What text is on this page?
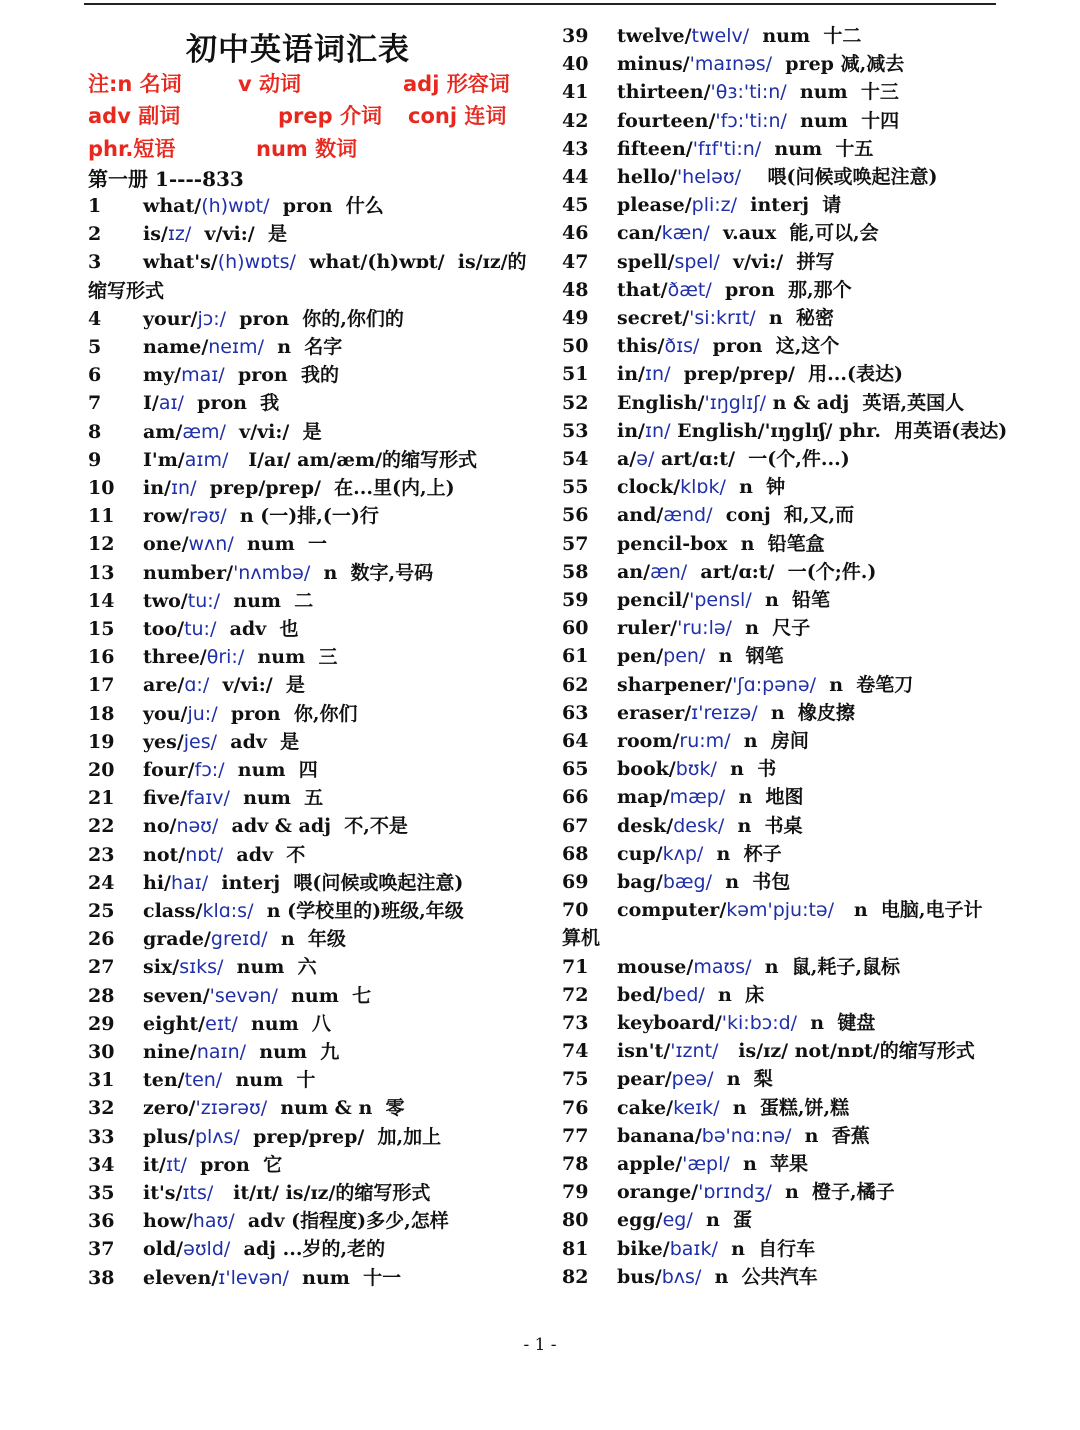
初中英语词汇表
注:n 名词	v 动词	adj 形容词
adv 副词	prep 介词 conj 连词
phr.短语	num 数词
第一册 1----833
1	what/(h)wɒt/  pron  什么
2	is/ɪz/  v/vi:/  是
3	what's/(h)wɒts/  what/(h)wɒt/  is/ɪz/的
4	your/jɔ:/  pron  你的,你们的
5	name/neɪm/  n  名字
6	my/maɪ/  pron  我的
7	I/aɪ/  pron  我
8	am/æm/  v/vi:/  是
9	I'm/aɪm/   I/aɪ/ am/æm/的缩写形式
10	in/ɪn/  prep/prep/  在...里(内,上)
11	row/rəʊ/  n (一)排,(一)行
12	one/wʌn/  num  一
13	number/'nʌmbə/  n  数字,号码
14	two/tu:/  num  二
15	too/tu:/  adv  也
16	three/θri:/  num  三
17	are/ɑ:/  v/vi:/  是
18	you/ju:/  pron  你,你们
19	yes/jes/  adv  是
20	four/fɔ:/  num  四
21	five/faɪv/  num  五
22	no/nəʊ/  adv & adj  不,不是
23	not/nɒt/  adv  不
24	hi/haɪ/  interj  喂(问候或唤起注意)
25	class/klɑ:s/  n (学校里的)班级,年级
26	grade/greɪd/  n  年级
27	six/sɪks/  num  六
28	seven/'sevən/  num  七
29	eight/eɪt/  num  八
30	nine/naɪn/  num  九
31	ten/ten/  num  十
32	zero/'zɪərəʊ/  num & n  零
33	plus/plʌs/  prep/prep/  加,加上
34	it/ɪt/  pron  它
35	it's/ɪts/   it/ɪt/ is/ɪz/的缩写形式
36	how/haʊ/  adv (指程度)多少,怎样
37	old/əʊld/  adj ...岁的,老的
38	eleven/ɪ'levən/  num  十一
缩写形式
39	twelve/twelv/  num  十二
40	minus/'maɪnəs/  prep 减,减去
41	thirteen/'θɜ:'ti:n/  num  十三
42	fourteen/'fɔ:'ti:n/  num  十四
43	fifteen/'fɪf'ti:n/  num  十五
44	hello/'heləʊ/    喂(问候或唤起注意)
45	please/pli:z/  interj  请
46	can/kæn/  v.aux  能,可以,会
47	spell/spel/  v/vi:/  拼写
48	that/ðæt/  pron  那,那个
49	secret/'si:krɪt/  n  秘密
50	this/ðɪs/  pron  这,这个
51	in/ɪn/  prep/prep/  用...(表达)
52	English/'ɪŋglɪʃ/ n & adj  英语,英国人
53	in/ɪn/ English/'ɪŋglɪʃ/ phr.  用英语(表达)
54	a/ə/ art/ɑ:t/  一(个,件...)
55	clock/klɒk/  n  钟
56	and/ænd/  conj  和,又,而
57	pencil-box  n  铅笔盒
58	an/æn/  art/ɑ:t/  一(个;件.)
59	pencil/'pensl/  n  铅笔
60	ruler/'ru:lə/  n  尺子
61	pen/pen/  n  钢笔
62	sharpener/'ʃɑ:pənə/  n  卷笔刀
63	eraser/ɪ'reɪzə/  n  橡皮擦
64	room/ru:m/  n  房间
65	book/bʊk/  n  书
66	map/mæp/  n  地图
67	desk/desk/  n  书桌
68	cup/kʌp/  n  杯子
69	bag/bæg/  n  书包
70	computer/kəm'pju:tə/   n  电脑,电子计
71	mouse/maʊs/  n  鼠,耗子,鼠标
72	bed/bed/  n  床
73	keyboard/'ki:bɔ:d/  n  键盘
74	isn't/'ɪznt/   is/ɪz/ not/nɒt/的缩写形式
75	pear/peə/  n  梨
76	cake/keɪk/  n  蛋糕,饼,糕
77	banana/bə'nɑ:nə/  n  香蕉
78	apple/'æpl/  n  苹果
79	orange/'ɒrɪndʒ/  n  橙子,橘子
80	egg/eg/  n  蛋
81	bike/baɪk/  n  自行车
82	bus/bʌs/  n  公共汽车
算机
- 1 -
